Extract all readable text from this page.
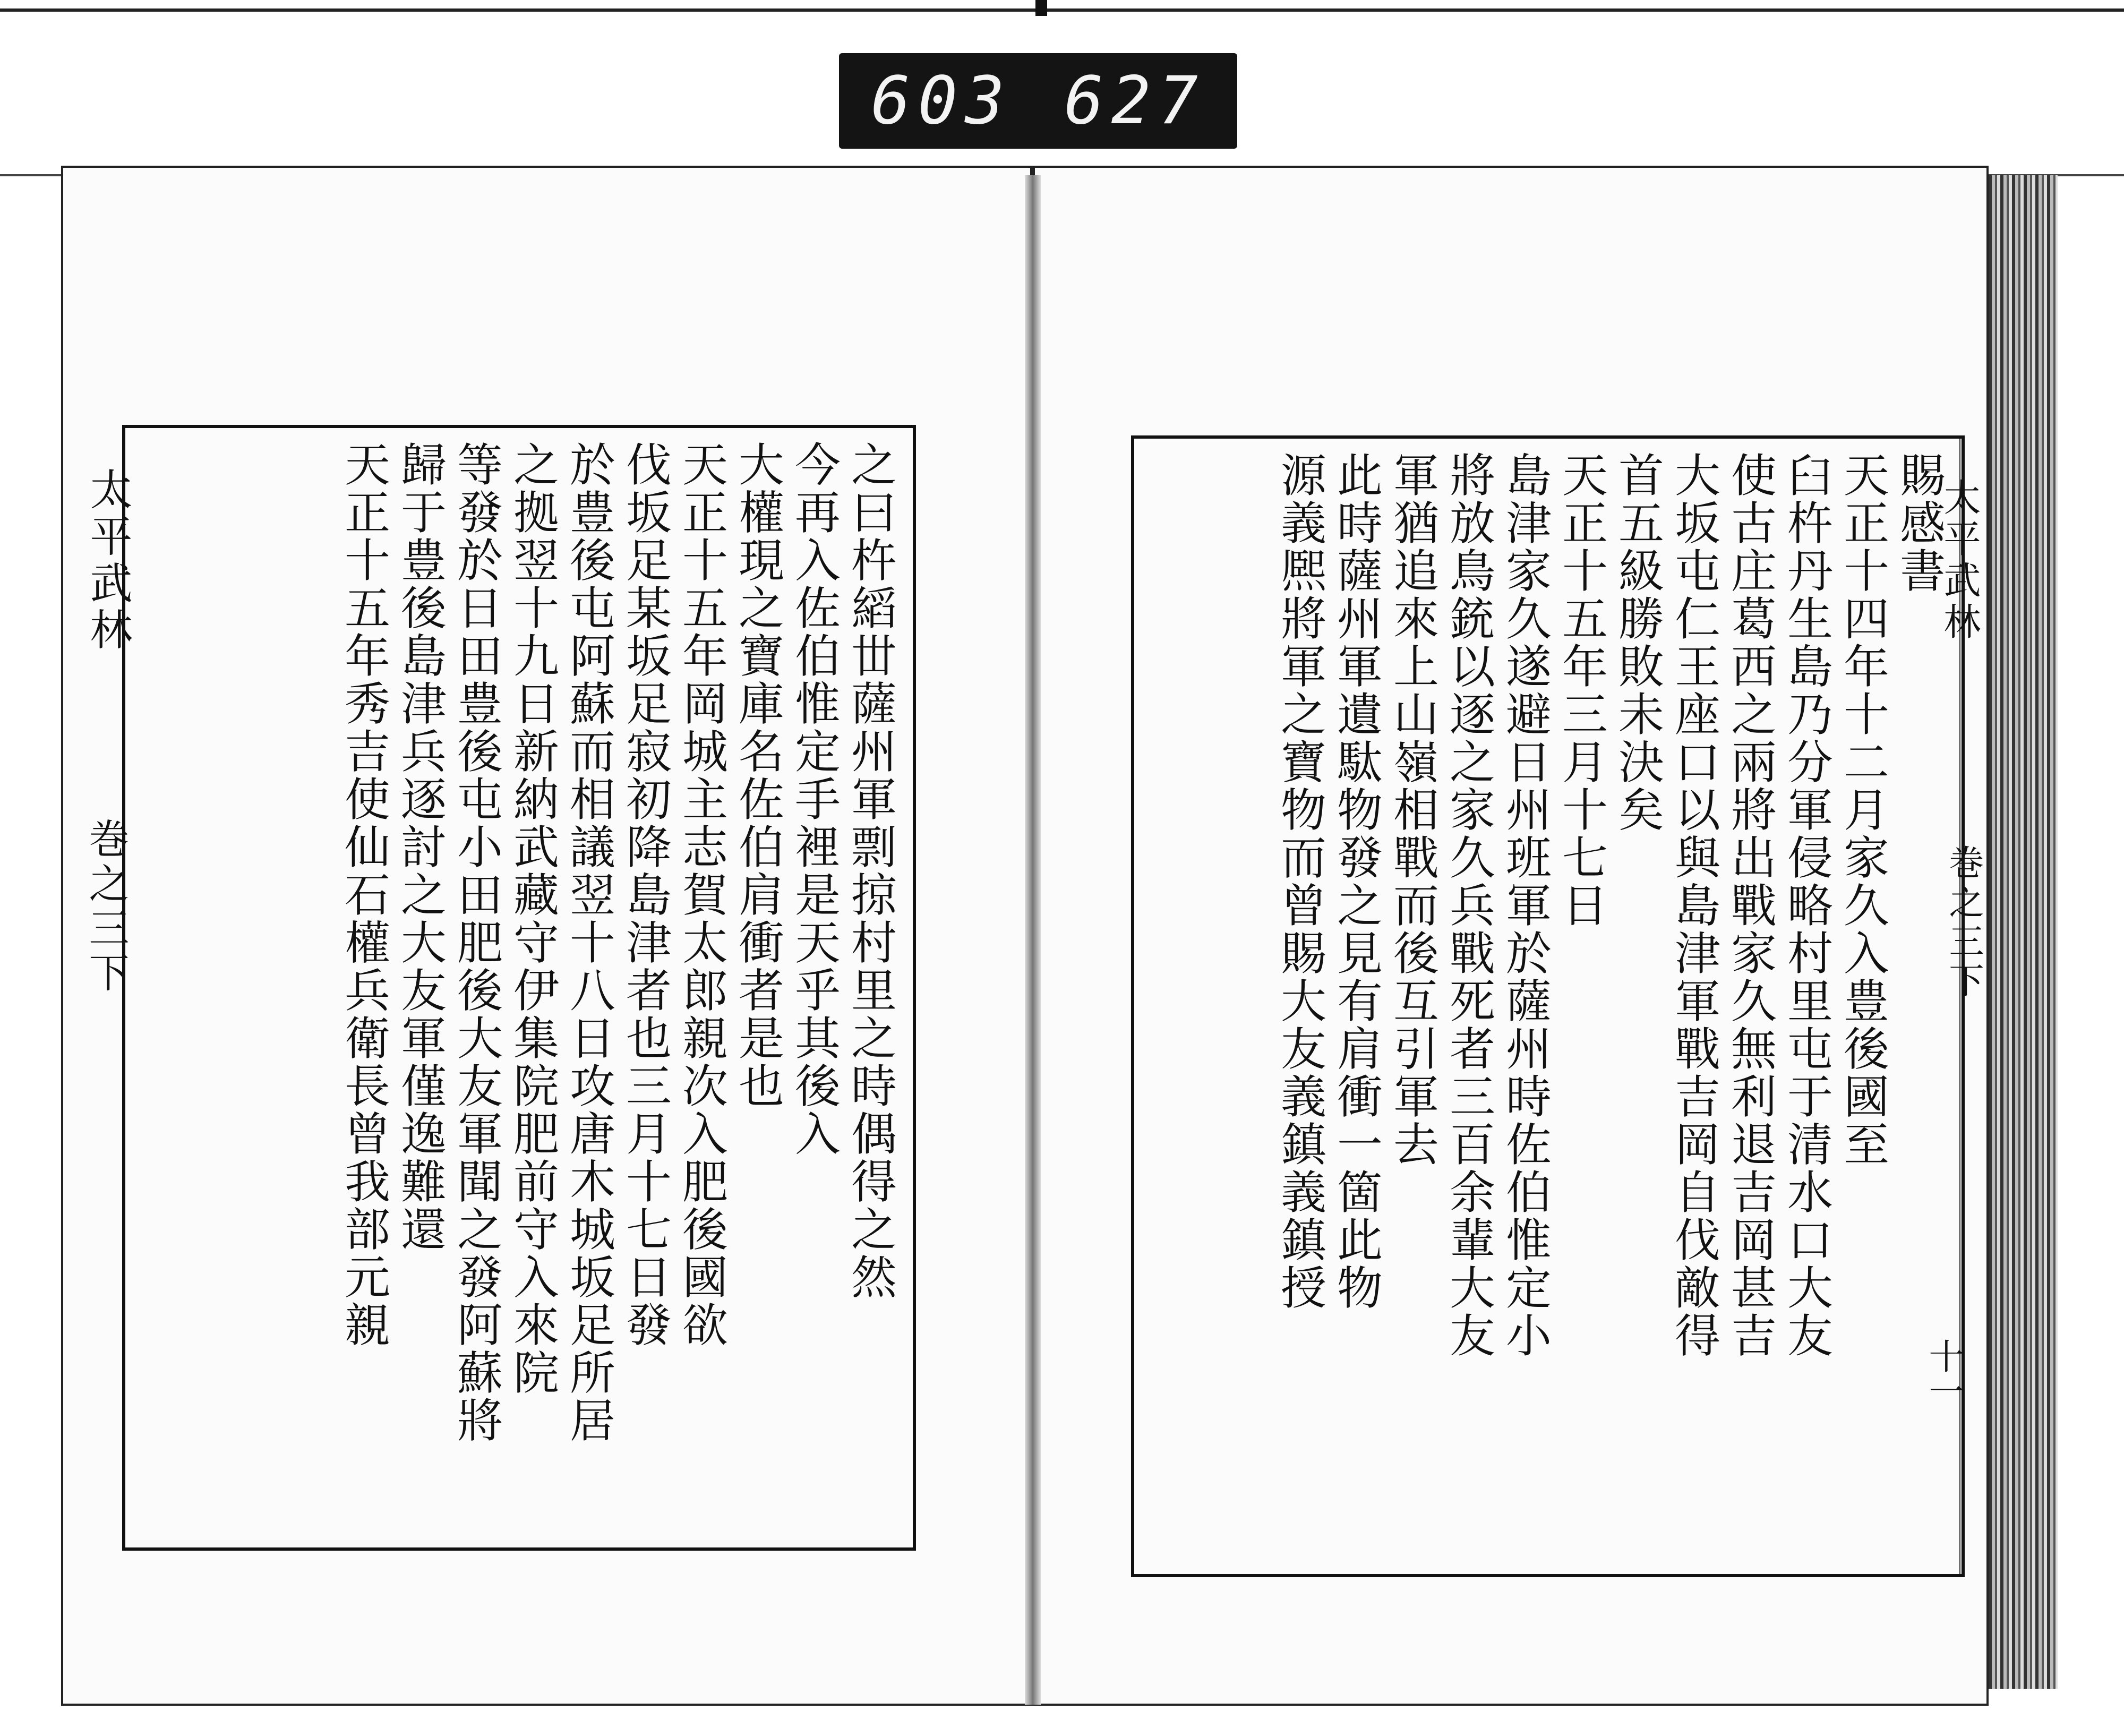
603 627
太平武林
巻之三下	之曰杵縚丗薩州軍剽掠村里之時偶得之然

今再入佐伯惟定手裡是天乎其後入

大權現之寶庫名佐伯肩衝者是也

天正十五年岡城主志賀太郎親次入肥後國欲

伐坂足某坂足寂初降島津者也三月十七日發

於豊後屯阿蘇而相議翌十八日攻唐木城坂足所居

之拠翌十九日新納武藏守伊集院肥前守入來院

等發於日田豊後屯小田肥後大友軍聞之發阿蘇將

歸于豊後島津兵逐討之大友軍僅逸難還

天正十五年秀吉使仙石權兵衛長曾我部元親	太平武林
巻之三下
十一

賜感書

天正十四年十二月家久入豊後國至

臼杵丹生島乃分軍侵略村里屯于清水口大友

使古庄葛西之兩將出戰家久無利退吉岡甚吉

大坂屯仁王座口以與島津軍戰吉岡自伐敵得

首五級勝敗未決矣

天正十五年三月十七日

島津家久遂避日州班軍於薩州時佐伯惟定小

將放鳥銃以逐之家久兵戰死者三百余輩大友

軍猶追來上山嶺相戰而後互引軍去

此時薩州軍遺駄物發之見有肩衝一箇此物

源義熈將軍之寶物而曾賜大友義鎮義鎮授
